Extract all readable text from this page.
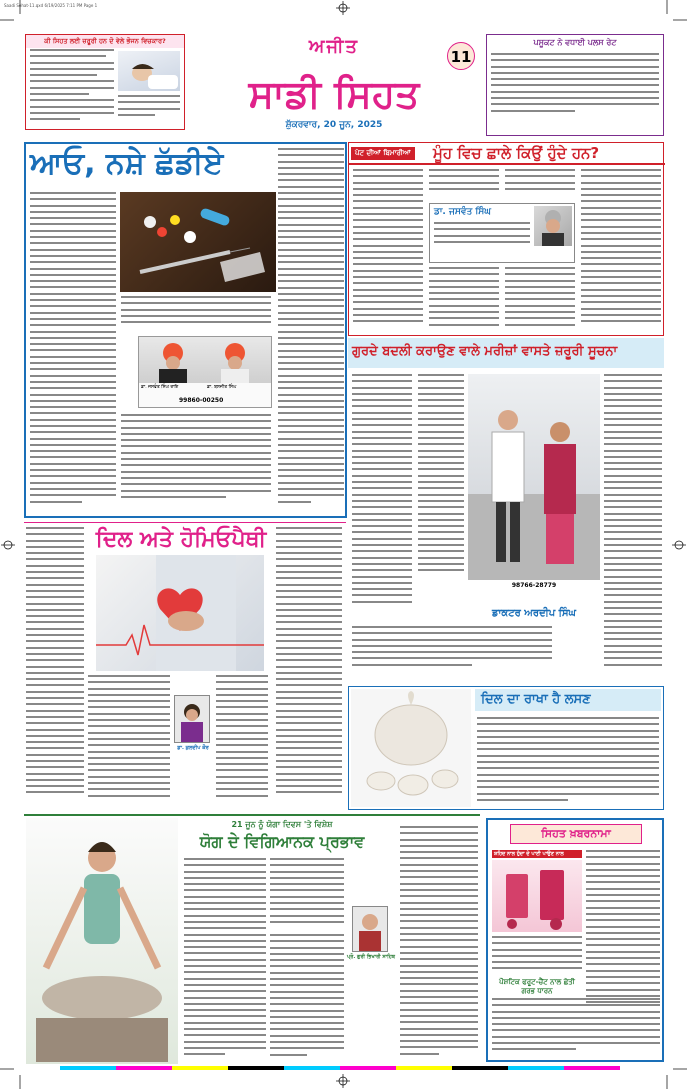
Saadi Sehat-11.qxd 6/19/2025 7:11 PM Page 1
ਕੀ ਸਿਹਤ ਲਈ ਜ਼ਰੂਰੀ ਹਨ ਦੋ ਵੇਲੇ ਭੋਜਨ ਵਿਚਕਾਰ?	ਅਜੀਤ
ਸਾਡੀ ਸਿਹਤ
11
ਸ਼ੁੱਕਰਵਾਰ, 20 ਜੂਨ, 2025
ਪਸੂਕਟ ਨੇ ਵਧਾਈ ਪਲਸ ਰੇਟ
ਆਓ, ਨਸ਼ੇ ਛੱਡੀਏ
ਡਾ. ਜਸਵੰਤ ਸਿੰਘ ਰਾਇ	ਡਾ. ਬਲਜੀਤ ਸਿੰਘ
99860-00250
ਪੇਟ ਦੀਆਂ ਬਿਮਾਰੀਆਂ ਮੂੰਹ ਵਿਚ ਛਾਲੇ ਕਿਉਂ ਹੁੰਦੇ ਹਨ?
ਡਾ. ਜਸਵੰਤ ਸਿੰਘ
ਗੁਰਦੇ ਬਦਲੀ ਕਰਾਉਣ ਵਾਲੇ ਮਰੀਜ਼ਾਂ ਵਾਸਤੇ ਜ਼ਰੂਰੀ ਸੂਚਨਾ
98766-28779
ਡਾਕਟਰ ਅਰਦੀਪ ਸਿੰਘ
ਦਿਲ ਅਤੇ ਹੋਮਿਓਪੈਥੀ
ਡਾ. ਕੁਲਦੀਪ ਕੌਰ
ਦਿਲ ਦਾ ਰਾਖਾ ਹੈ ਲਸਣ
21 ਜੂਨ ਨੂੰ ਯੋਗਾ ਦਿਵਸ 'ਤੇ ਵਿਸ਼ੇਸ਼
ਯੋਗ ਦੇ ਵਿਗਿਆਨਕ ਪ੍ਰਭਾਵ
ਪ੍ਰੋ. ਗੁਰੀ ਭਿਖਾਰੀ ਸਾਹਿਬ
ਸਿਹਤ ਖ਼ਬਰਨਾਮਾ
ਸ਼ਹਿਦ ਨਾਲ ਹੁੰਦਾ ਦੇ ਪਾਣੀ ਪਾਉਣ ਨਾਲ
ਪੌਸ਼ਟਿਕ ਫਰੂਟ-ਚੈਂਟ ਨਾਲ ਛੇਤੀ ਗਰਭ ਧਾਰਨ
